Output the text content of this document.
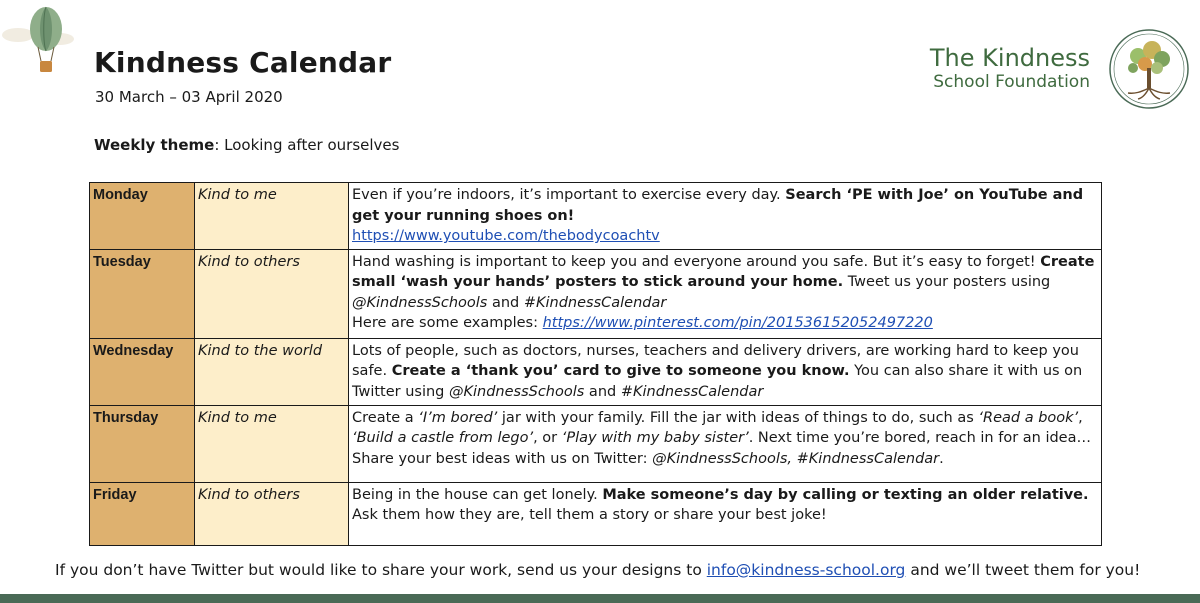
Kindness Calendar
30 March – 03 April 2020
The Kindness
School Foundation
Weekly theme: Looking after ourselves
Monday	Kind to me	Even if you’re indoors, it’s important to exercise every day. Search ‘PE with Joe’ on YouTube and get your running shoes on!
https://www.youtube.com/thebodycoachtv
Tuesday	Kind to others	Hand washing is important to keep you and everyone around you safe. But it’s easy to forget! Create small ‘wash your hands’ posters to stick around your home. Tweet us your posters using @KindnessSchools and #KindnessCalendar
Here are some examples: https://www.pinterest.com/pin/201536152052497220
Wednesday	Kind to the world	Lots of people, such as doctors, nurses, teachers and delivery drivers, are working hard to keep you safe. Create a ‘thank you’ card to give to someone you know. You can also share it with us on Twitter using @KindnessSchools and #KindnessCalendar
Thursday	Kind to me	Create a ‘I’m bored’ jar with your family. Fill the jar with ideas of things to do, such as ‘Read a book’, ‘Build a castle from lego’, or ‘Play with my baby sister’. Next time you’re bored, reach in for an idea…
Share your best ideas with us on Twitter: @KindnessSchools, #KindnessCalendar.
Friday	Kind to others	Being in the house can get lonely. Make someone’s day by calling or texting an older relative. Ask them how they are, tell them a story or share your best joke!
If you don’t have Twitter but would like to share your work, send us your designs to info@kindness-school.org and we’ll tweet them for you!
